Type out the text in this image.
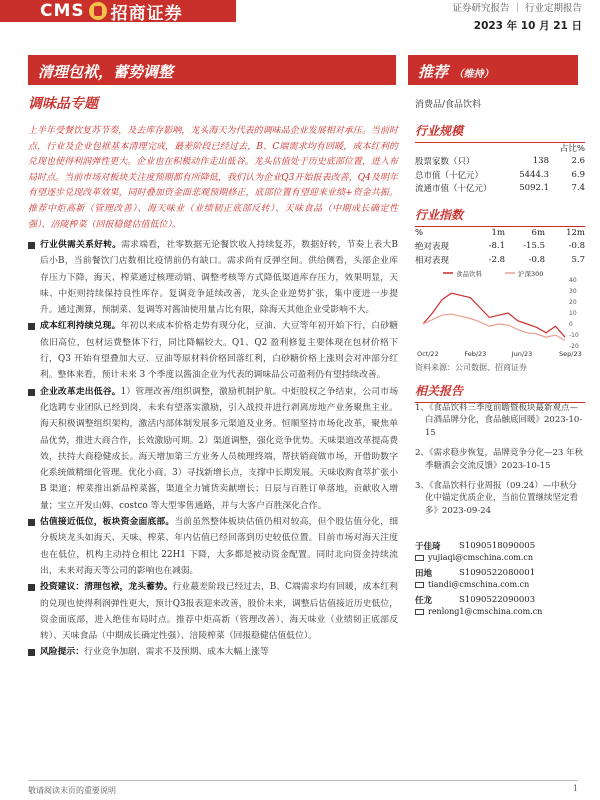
CMS 招商证券	证券研究报告 ｜ 行业定期报告
2023 年 10 月 21 日
清理包袱，蓄势调整	推荐 （维持）
调味品专题	消费品/食品饮料
上半年受餐饮复苏节奏，及去库存影响，龙头海天为代表的调味品企业发展相对承压。当前时点，行业及企业包袱基本清理完成，蕞差阶段已经过去，B、C端需求均有回暖，成本红利的兑现也使得利润弹性更大。企业也在积极动作走出低谷。龙头估值处于历史底部位置，进入布局时点。当前市场对板块关注度预期都有所降低，我们认为企业Q3开始报表改善，Q4及明年有望逐步兑现改革效果，同时叠加资金面悲观预期修正，底部位置有望迎来业绩+资金共振。推荐中炬高新（管理改善）、海天味业（业绩韧正底部反转）、天味食品（中期成长确定性强）、涪陵榨菜（回报稳健估值低位）。
行业供需关系好转。需求端看，社零数据无论餐饮收入持续复苏，数据好转，节奏上表大B后小B，当前餐饮门店数相比疫情前仍有缺口。需求尚有反弹空间。供给侧看，头部企业库存压力下降，海天、榨菜通过核理动销、调整考核等方式降低渠道库存压力，效果明显，天味、中炬则持续保持良性库存。复调竞争延续改善，龙头企业逆势扩张，集中度进一步提升。通过测算，预制菜、复调等对酱油使用量占比有限，除海天其他企业受影响不大。
成本红利持续兑现。年初以来成本价格走势有现分化，豆油、大豆等年初开始下行，白砂糖依旧高位，包材运费整体下行，同比降幅较大。Q1、Q2 盈利修复主要体现在包材价格下行，Q3 开始有望叠加大豆、豆油等原材料价格回落红利，白砂糖价格上涨则会对冲部分红利。整体来看，预计未来 3 个季度以酱油企业为代表的调味品公司盈利仍有望持续改善。
企业改革走出低谷。1）管理改善/组织调整，激励机制护航。中炬股权之争结束，公司市场化选聘专业团队已经到岗，未来有望落实激励，引入战投并进行剥离房地产业务聚焦主业。海天积极调整组织架构，激活内部体制发展多元渠道及业务。恒顺坚持市场化改革，聚焦单品优势，推进大商合作，长效激励可期。2）渠道调整，强化竞争优势。天味渠道改革提高费效，扶持大商稳健成长。海天增加第三方业务人员梳理终端，帮扶销商做市场，开借助数字化系统做精细化管理。优化小商。3）寻找新增长点，支撑中长期发展。天味收购食萃扩张小 B 渠道；榨菜推出新品榨菜酱，渠道全力铺货卖献增长；日辰与百胜订单落地，贡献收入增量；宝立开发山姆、costco 等大型零售通路，并与大客户百胜深化合作。
估值接近低位，板块资金面底部。当前虽然整体板块估值仍相对较高，但个股估值分化，细分板块龙头如海天、天味、榨菜、年内估值已经回落到历史较低位置。目前市场对海天注度也在低位，机构主动持仓相比 22H1 下降，大多都是被动资金配置。同时北向资金持续流出，未来对海天等公司的影响也在减弱。
投资建议：清理包袱，龙头蓄势。行业蕞差阶段已经过去，B、C端需求均有回暖，成本红利的兑现也使得利润弹性更大，预计Q3报表迎来改善，股价未来，调整后估值接近历史低位，资金面底部，进入绝佳布局时点。推荐中炬高新（管理改善）、海天味业（业绩韧正底部反转）、天味食品（中期成长确定性强）、涪陵榨菜（回报稳健估值低位）。
风险提示：行业竞争加剧、需求不及预期、成本大幅上涨等
行业规模
占比%
股票家数（只）	138	2.6
总市值（十亿元）	5444.3	6.9
流通市值（十亿元）	5092.1	7.4
行业指数
%	1m	6m	12m
绝对表现	-8.1	-15.5	-0.8
相对表现	-2.8	-0.8	5.7
食品饮料	沪深300
40
30
20
10
0
-10
-20
Oct/22	Feb/23	Jun/23	Sep/23
资料来源：公司数据、招商证券
相关报告
1、
《食品饮料三季度前瞻暨板块蕞新观点—白酒品牌分化，食品触底回暖》2023-10-15
2、
《需求稳步恢复，品牌竞争分化—23 年秋季糖酒会交流反馈》2023-10-15
3、
《食品饮料行业周报（09.24）—中秋分化中锚定优质企业，当前位置继续坚定看多》2023-09-24
于佳琦	S1090518090005
yujiaqi@cmschina.com.cn
田地	S1090522080001
tiandi@cmschina.com.cn
任龙	S1090522090003
renlong1@cmschina.com.cn
敬请阅读末页的重要说明	1
